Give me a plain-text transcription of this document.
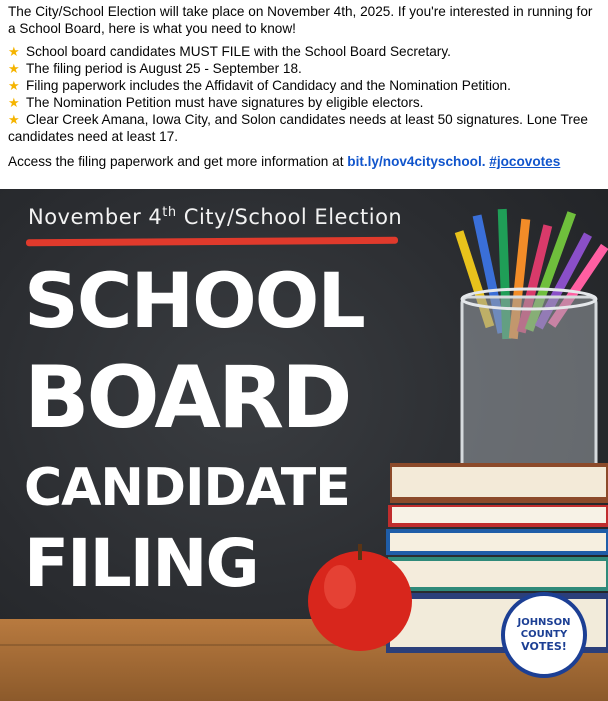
The City/School Election will take place on November 4th, 2025. If you're interested in running for a School Board, here is what you need to know!

★ School board candidates MUST FILE with the School Board Secretary.
★ The filing period is August 25 - September 18.
★ Filing paperwork includes the Affidavit of Candidacy and the Nomination Petition.
★ The Nomination Petition must have signatures by eligible electors.
★ Clear Creek Amana, Iowa City, and Solon candidates needs at least 50 signatures. Lone Tree candidates need at least 17.
Access the filing paperwork and get more information at bit.ly/nov4cityschool. #jocovotes
November 4th City/School Election
SCHOOL
BOARD
CANDIDATE
FILING
JOHNSON
COUNTY
VOTES!
